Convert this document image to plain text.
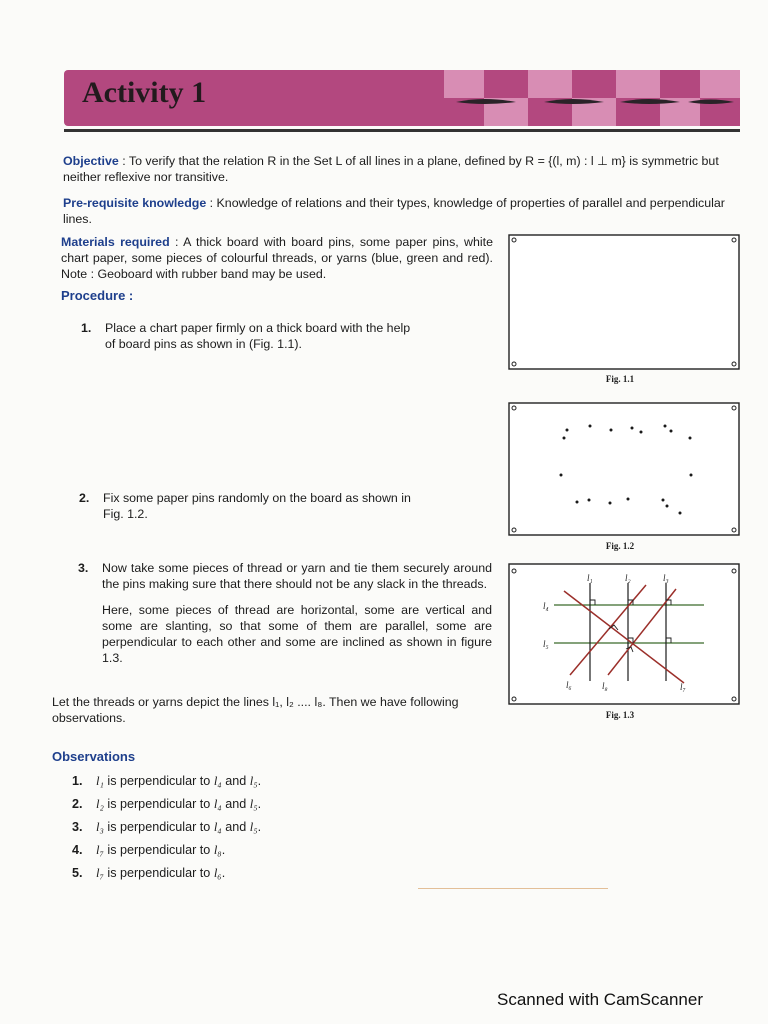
Activity 1

Objective : To verify that the relation R in the Set L of all lines in a plane, defined by R = {(l, m) : l ⊥ m} is symmetric but neither reflexive nor transitive.

Pre-requisite knowledge : Knowledge of relations and their types, knowledge of properties of parallel and perpendicular lines.

Materials required : A thick board with board pins, some paper pins, white chart paper, some pieces of colourful threads, or yarns (blue, green and red). Note : Geoboard with rubber band may be used.

Procedure :

1. Place a chart paper firmly on a thick board with the help of board pins as shown in (Fig. 1.1).
2. Fix some paper pins randomly on the board as shown in Fig. 1.2.
3. Now take some pieces of thread or yarn and tie them securely around the pins making sure that there should not be any slack in the threads.
Here, some pieces of thread are horizontal, some are vertical and some are slanting, so that some of them are parallel, some are perpendicular to each other and some are inclined as shown in figure 1.3.

Let the threads or yarns depict the lines l₁, l₂ .... l₈. Then we have following observations.

Observations

1. l₁ is perpendicular to l₄ and l₅.
2. l₂ is perpendicular to l₄ and l₅.
3. l₃ is perpendicular to l₄ and l₅.
4. l₇ is perpendicular to l₈.
5. l₇ is perpendicular to l₆.

Fig. 1.1

Fig. 1.2

l₁	l₂	l₃
l₄
l₅
l₆	l₇
l₈

Fig. 1.3

Scanned with CamScanner
